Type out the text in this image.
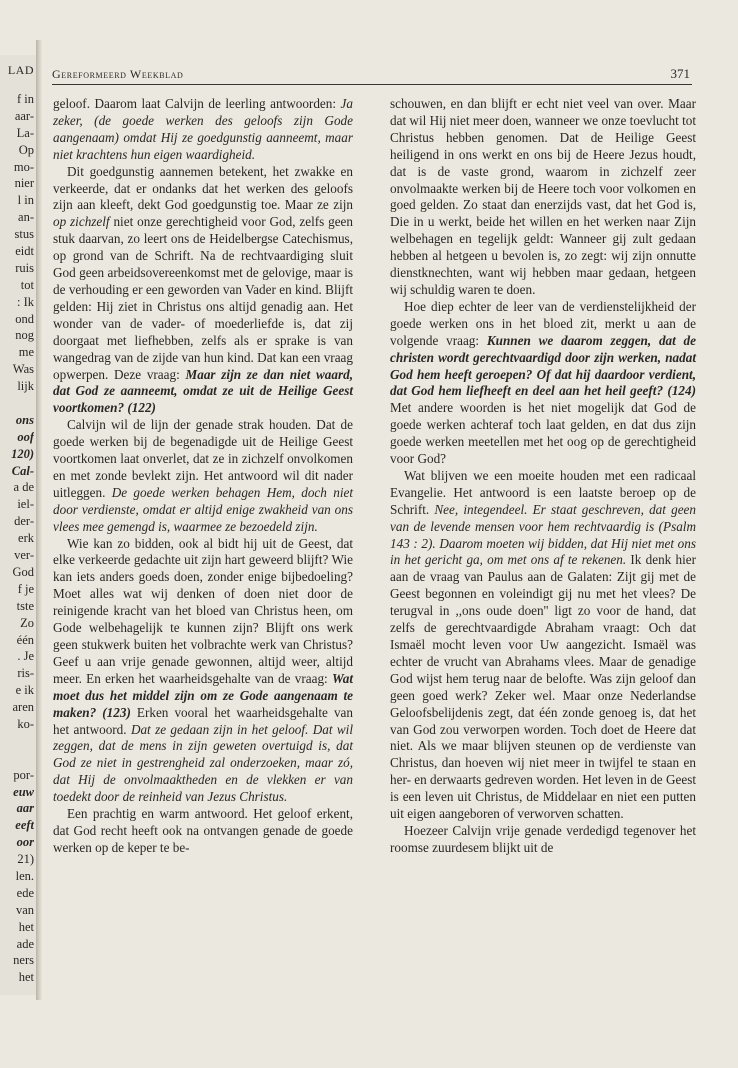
LAD
f in
aar-
La-
Op
mo-
nier
l in
an-
stus
eidt
ruis
tot
: Ik
ond
nog
me
Was
lijk
ons
oof
120)
Cal-
a de
iel-
der-
erk
ver-
God
f je
tste
Zo
één
. Je
ris-
e ik
aren
ko-
por-
euw
aar
eeft
oor
21)
len.
ede
van
het
ade
ners
het
Gereformeerd Weekblad	371

geloof. Daarom laat Calvijn de leerling antwoorden: Ja zeker, (de goede werken des geloofs zijn Gode aangenaam) omdat Hij ze goedgunstig aanneemt, maar niet krachtens hun eigen waardigheid.

Dit goedgunstig aannemen betekent, het zwakke en verkeerde, dat er ondanks dat het werken des geloofs zijn aan kleeft, dekt God goedgunstig toe. Maar ze zijn op zichzelf niet onze gerechtigheid voor God, zelfs geen stuk daarvan, zo leert ons de Heidelbergse Catechismus, op grond van de Schrift. Na de rechtvaardiging sluit God geen arbeidsovereenkomst met de gelovige, maar is de verhouding er een geworden van Vader en kind. Blijft gelden: Hij ziet in Christus ons altijd genadig aan. Het wonder van de vader- of moederliefde is, dat zij doorgaat met liefhebben, zelfs als er sprake is van wangedrag van de zijde van hun kind. Dat kan een vraag opwerpen. Deze vraag: Maar zijn ze dan niet waard, dat God ze aanneemt, omdat ze uit de Heilige Geest voortkomen? (122)

Calvijn wil de lijn der genade strak houden. Dat de goede werken bij de begenadigde uit de Heilige Geest voortkomen laat onverlet, dat ze in zichzelf onvolkomen en met zonde bevlekt zijn. Het antwoord wil dit nader uitleggen. De goede werken behagen Hem, doch niet door verdienste, omdat er altijd enige zwakheid van ons vlees mee gemengd is, waarmee ze bezoedeld zijn.

Wie kan zo bidden, ook al bidt hij uit de Geest, dat elke verkeerde gedachte uit zijn hart geweerd blijft? Wie kan iets anders goeds doen, zonder enige bijbedoeling? Moet alles wat wij denken of doen niet door de reinigende kracht van het bloed van Christus heen, om Gode welbehagelijk te kunnen zijn? Blijft ons werk geen stukwerk buiten het volbrachte werk van Christus? Geef u aan vrije genade gewonnen, altijd weer, altijd meer. En erken het waarheidsgehalte van de vraag: Wat moet dus het middel zijn om ze Gode aangenaam te maken? (123) Erken vooral het waarheidsgehalte van het antwoord. Dat ze gedaan zijn in het geloof. Dat wil zeggen, dat de mens in zijn geweten overtuigd is, dat God ze niet in gestrengheid zal onderzoeken, maar zó, dat Hij de onvolmaaktheden en de vlekken er van toedekt door de reinheid van Jezus Christus.

Een prachtig en warm antwoord. Het geloof erkent, dat God recht heeft ook na ontvangen genade de goede werken op de keper te be-

schouwen, en dan blijft er echt niet veel van over. Maar dat wil Hij niet meer doen, wanneer we onze toevlucht tot Christus hebben genomen. Dat de Heilige Geest heiligend in ons werkt en ons bij de Heere Jezus houdt, dat is de vaste grond, waarom in zichzelf zeer onvolmaakte werken bij de Heere toch voor volkomen en goed gelden. Zo staat dan enerzijds vast, dat het God is, Die in u werkt, beide het willen en het werken naar Zijn welbehagen en tegelijk geldt: Wanneer gij zult gedaan hebben al hetgeen u bevolen is, zo zegt: wij zijn onnutte dienstknechten, want wij hebben maar gedaan, hetgeen wij schuldig waren te doen.

Hoe diep echter de leer van de verdienstelijkheid der goede werken ons in het bloed zit, merkt u aan de volgende vraag: Kunnen we daarom zeggen, dat de christen wordt gerechtvaardigd door zijn werken, nadat God hem heeft geroepen? Of dat hij daardoor verdient, dat God hem liefheeft en deel aan het heil geeft? (124) Met andere woorden is het niet mogelijk dat God de goede werken achteraf toch laat gelden, en dat dus zijn goede werken meetellen met het oog op de gerechtigheid voor God?

Wat blijven we een moeite houden met een radicaal Evangelie. Het antwoord is een laatste beroep op de Schrift. Nee, integendeel. Er staat geschreven, dat geen van de levende mensen voor hem rechtvaardig is (Psalm 143 : 2). Daarom moeten wij bidden, dat Hij niet met ons in het gericht ga, om met ons af te rekenen. Ik denk hier aan de vraag van Paulus aan de Galaten: Zijt gij met de Geest begonnen en voleindigt gij nu met het vlees? De terugval in ,,ons oude doen'' ligt zo voor de hand, dat zelfs de gerechtvaardigde Abraham vraagt: Och dat Ismaël mocht leven voor Uw aangezicht. Ismaël was echter de vrucht van Abrahams vlees. Maar de genadige God wijst hem terug naar de belofte. Was zijn geloof dan geen goed werk? Zeker wel. Maar onze Nederlandse Geloofsbelijdenis zegt, dat één zonde genoeg is, dat het van God zou verworpen worden. Toch doet de Heere dat niet. Als we maar blijven steunen op de verdienste van Christus, dan hoeven wij niet meer in twijfel te staan en her- en derwaarts gedreven worden. Het leven in de Geest is een leven uit Christus, de Middelaar en niet een putten uit eigen aangeboren of verworven schatten.

Hoezeer Calvijn vrije genade verdedigd tegenover het roomse zuurdesem blijkt uit de
